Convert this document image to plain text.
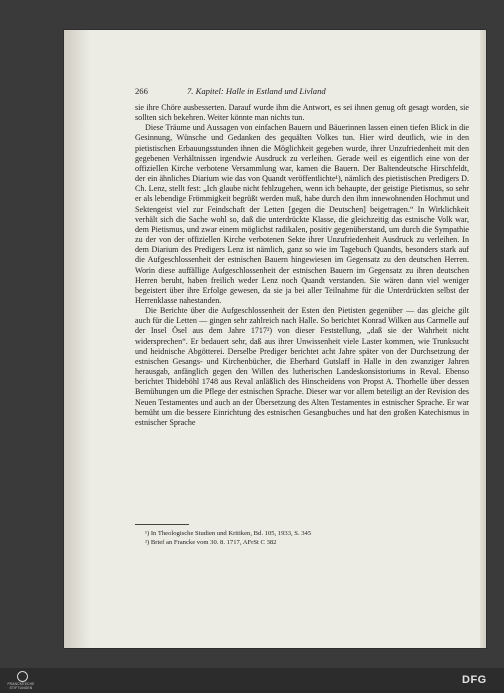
266	7. Kapitel: Halle in Estland und Livland

sie ihre Chöre ausbesserten. Darauf wurde ihm die Antwort, es sei ihnen genug oft gesagt worden, sie sollten sich bekehren. Weiter könnte man nichts tun.

Diese Träume und Aussagen von einfachen Bauern und Bäuerinnen lassen einen tiefen Blick in die Gesinnung, Wünsche und Gedanken des gequälten Volkes tun. Hier wird deutlich, wie in den pietistischen Erbauungsstunden ihnen die Möglichkeit gegeben wurde, ihrer Unzufriedenheit mit den gegebenen Verhältnissen irgendwie Ausdruck zu verleihen. Gerade weil es eigentlich eine von der offiziellen Kirche verbotene Versammlung war, kamen die Bauern. Der Baltendeutsche Hirschfeldt, der ein ähnliches Diarium wie das von Quandt veröffentlichte¹), nämlich des pietistischen Predigers D. Ch. Lenz, stellt fest: „Ich glaube nicht fehlzugehen, wenn ich behaupte, der geistige Pietismus, so sehr er als lebendige Frömmigkeit begrüßt werden muß, habe durch den ihm innewohnenden Hochmut und Sektengeist viel zur Feindschaft der Letten [gegen die Deutschen] beigetragen.“ In Wirklichkeit verhält sich die Sache wohl so, daß die unterdrückte Klasse, die gleichzeitig das estnische Volk war, dem Pietismus, und zwar einem möglichst radikalen, positiv gegenüberstand, um durch die Sympathie zu der von der offiziellen Kirche verbotenen Sekte ihrer Unzufriedenheit Ausdruck zu verleihen. In dem Diarium des Predigers Lenz ist nämlich, ganz so wie im Tagebuch Quandts, besonders stark auf die Aufgeschlossenheit der estnischen Bauern hingewiesen im Gegensatz zu den deutschen Herren. Worin diese auffällige Aufgeschlossenheit der estnischen Bauern im Gegensatz zu ihren deutschen Herren beruht, haben freilich weder Lenz noch Quandt verstanden. Sie wären dann viel weniger begeistert über ihre Erfolge gewesen, da sie ja bei aller Teilnahme für die Unterdrückten selbst der Herrenklasse nahestanden.

Die Berichte über die Aufgeschlossenheit der Esten den Pietisten gegenüber — das gleiche gilt auch für die Letten — gingen sehr zahlreich nach Halle. So berichtet Konrad Wilken aus Carmelle auf der Insel Ösel aus dem Jahre 1717²) von dieser Feststellung, „daß sie der Wahrheit nicht widersprechen“. Er bedauert sehr, daß aus ihrer Unwissenheit viele Laster kommen, wie Trunksucht und heidnische Abgötterei. Derselbe Prediger berichtet acht Jahre später von der Durchsetzung der estnischen Gesangs- und Kirchenbücher, die Eberhard Gutslaff in Halle in den zwanziger Jahren herausgab, anfänglich gegen den Willen des lutherischen Landeskonsistoriums in Reval. Ebenso berichtet Thideböhl 1748 aus Reval anläßlich des Hinscheidens von Propst A. Thorhelle über dessen Bemühungen um die Pflege der estnischen Sprache. Dieser war vor allem beteiligt an der Revision des Neuen Testamentes und auch an der Übersetzung des Alten Testamentes in estnischer Sprache. Er war bemüht um die bessere Einrichtung des estnischen Gesangbuches und hat den großen Katechismus in estnischer Sprache

¹) In Theologische Studien und Kritiken, Bd. 105, 1933, S. 345
²) Brief an Francke vom 30. 8. 1717, AFrSt C 382
FRANCKESCHE
STIFTUNGEN
DFG
